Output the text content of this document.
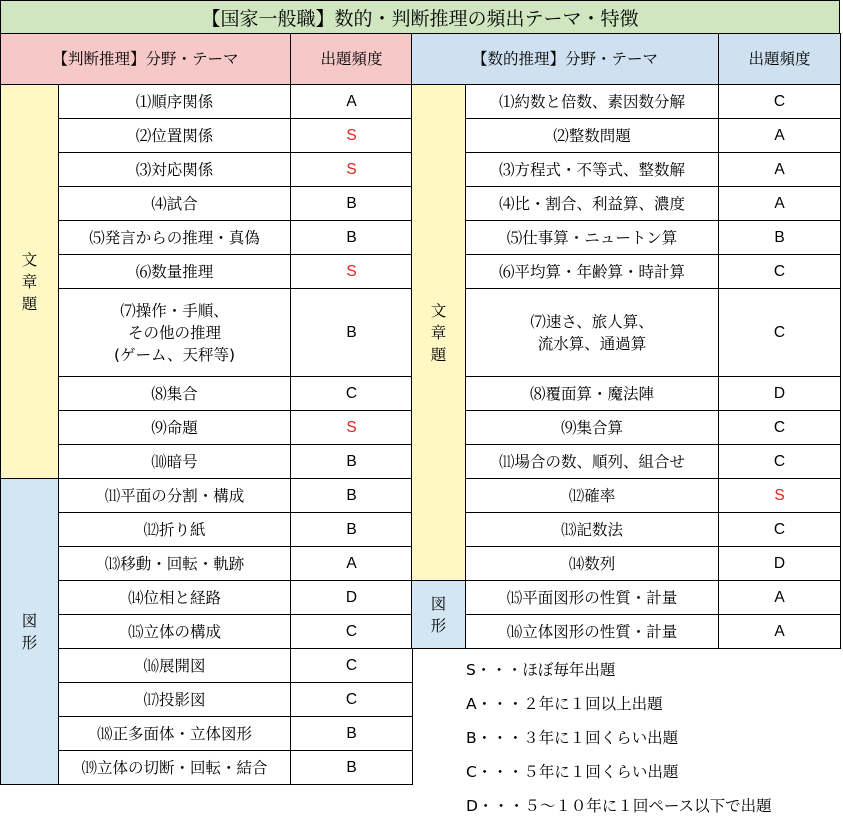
【国家一般職】数的・判断推理の頻出テーマ・特徴
【判断推理】分野・テーマ		出題頻度
文
章
題	⑴順序関係	A
	⑵位置関係	S
	⑶対応関係	S
	⑷試合	B
	⑸発言からの推理・真偽	B
	⑹数量推理	S
	⑺操作・手順、
その他の推理
(ゲーム、天秤等)	B
	⑻集合	C
	⑼命題	S
	⑽暗号	B
図
形	⑾平面の分割・構成	B
	⑿折り紙	B
	⒀移動・回転・軌跡	A
	⒁位相と経路	D
	⒂立体の構成	C
	⒃展開図	C
	⒄投影図	C
	⒅正多面体・立体図形	B
	⒆立体の切断・回転・結合	B
【数的推理】分野・テーマ		出題頻度
文
章
題	⑴約数と倍数、素因数分解	C
	⑵整数問題	A
	⑶方程式・不等式、整数解	A
	⑷比・割合、利益算、濃度	A
	⑸仕事算・ニュートン算	B
	⑹平均算・年齢算・時計算	C
	⑺速さ、旅人算、
流水算、通過算	C
	⑻覆面算・魔法陣	D
	⑼集合算	C
	⑾場合の数、順列、組合せ	C
	⑿確率	S
	⒀記数法	C
	⒁数列	D
図
形	⒂平面図形の性質・計量	A
	⒃立体図形の性質・計量	A
S・・・ほぼ毎年出題
A・・・２年に１回以上出題
B・・・３年に１回くらい出題
C・・・５年に１回くらい出題
D・・・５～１０年に１回ペース以下で出題
